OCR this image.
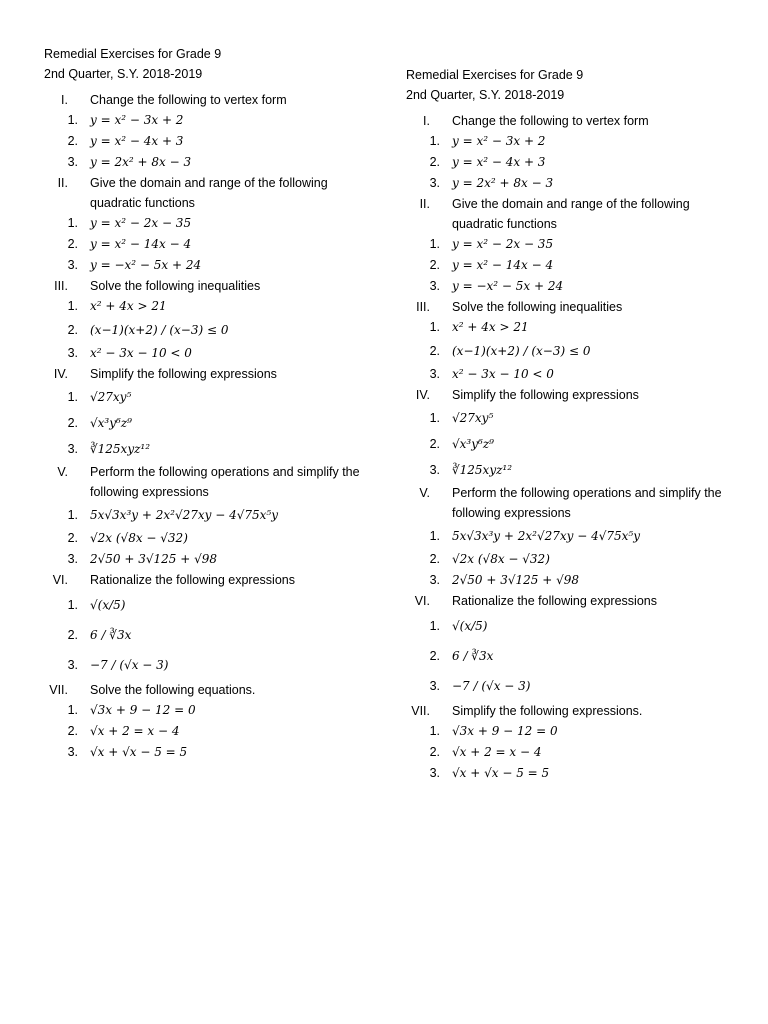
Remedial Exercises for Grade 9
2nd Quarter, S.Y. 2018-2019
I. Change the following to vertex form
1. 𝑦 = 𝑥² − 3𝑥 + 2
2. 𝑦 = 𝑥² − 4𝑥 + 3
3. 𝑦 = 2𝑥² + 8𝑥 − 3
II. Give the domain and range of the following quadratic functions
1. 𝑦 = 𝑥² − 2𝑥 − 35
2. 𝑦 = 𝑥² − 14𝑥 − 4
3. 𝑦 = −𝑥² − 5𝑥 + 24
III. Solve the following inequalities
1. 𝑥² + 4𝑥 > 21
2. (𝑥−1)(𝑥+2) / (𝑥−3) ≤ 0
3. 𝑥² − 3𝑥 − 10 < 0
IV. Simplify the following expressions
1. √27𝑥𝑦⁵
2. √𝑥³𝑦⁶𝑧⁹
3. ∛125𝑥𝑦𝑧¹²
V. Perform the following operations and simplify the following expressions
1. 5𝑥√3𝑥³𝑦 + 2𝑥²√27𝑥𝑦 − 4√75𝑥⁵𝑦
2. √2𝑥 (√8𝑥 − √32)
3. 2√50 + 3√125 + √98
VI. Rationalize the following expressions
1. √(𝑥/5)
2. 6 / ∛3𝑥
3. −7 / (√𝑥 − 3)
VII. Solve the following equations.
1. √3𝑥 + 9 − 12 = 0
2. √𝑥 + 2 = 𝑥 − 4
3. √𝑥 + √𝑥 − 5 = 5
Remedial Exercises for Grade 9
2nd Quarter, S.Y. 2018-2019
I. Change the following to vertex form
1. 𝑦 = 𝑥² − 3𝑥 + 2
2. 𝑦 = 𝑥² − 4𝑥 + 3
3. 𝑦 = 2𝑥² + 8𝑥 − 3
II. Give the domain and range of the following quadratic functions
1. 𝑦 = 𝑥² − 2𝑥 − 35
2. 𝑦 = 𝑥² − 14𝑥 − 4
3. 𝑦 = −𝑥² − 5𝑥 + 24
III. Solve the following inequalities
1. 𝑥² + 4𝑥 > 21
2. (𝑥−1)(𝑥+2) / (𝑥−3) ≤ 0
3. 𝑥² − 3𝑥 − 10 < 0
IV. Simplify the following expressions
1. √27𝑥𝑦⁵
2. √𝑥³𝑦⁶𝑧⁹
3. ∛125𝑥𝑦𝑧¹²
V. Perform the following operations and simplify the following expressions
1. 5𝑥√3𝑥³𝑦 + 2𝑥²√27𝑥𝑦 − 4√75𝑥⁵𝑦
2. √2𝑥 (√8𝑥 − √32)
3. 2√50 + 3√125 + √98
VI. Rationalize the following expressions
1. √(𝑥/5)
2. 6 / ∛3𝑥
3. −7 / (√𝑥 − 3)
VII. Simplify the following expressions.
1. √3𝑥 + 9 − 12 = 0
2. √𝑥 + 2 = 𝑥 − 4
3. √𝑥 + √𝑥 − 5 = 5
